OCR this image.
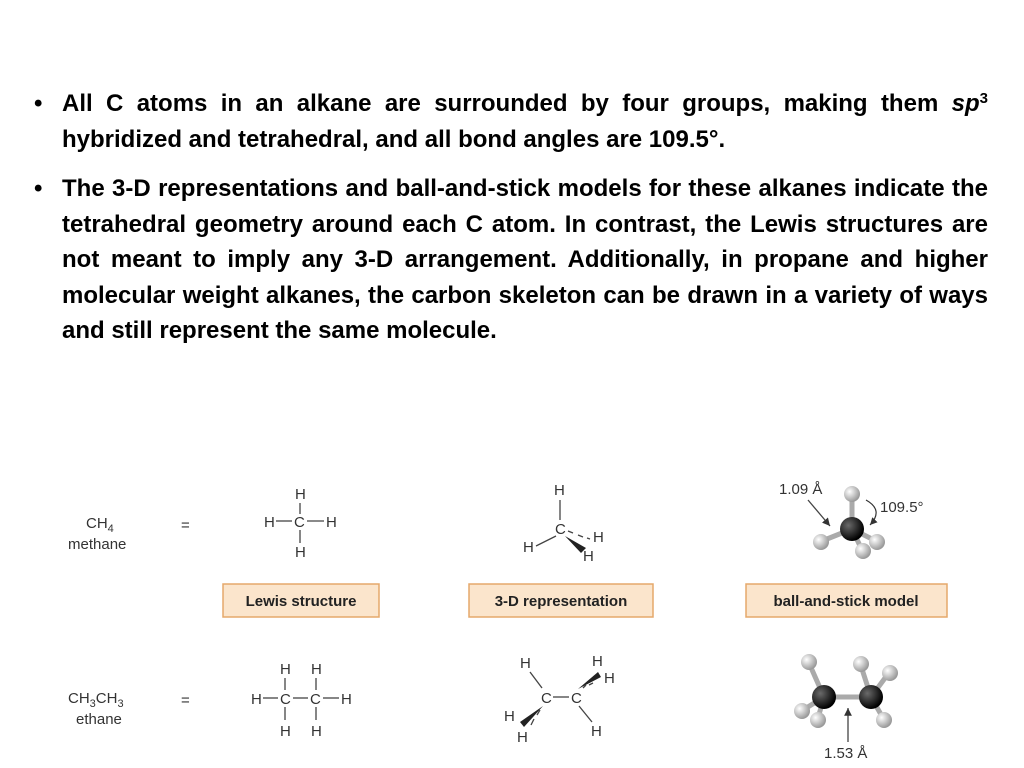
• All C atoms in an alkane are surrounded by four groups, making them $sp^3$ hybridized and tetrahedral, and all bond angles are 109.5°.
• The 3-D representations and ball-and-stick models for these alkanes indicate the tetrahedral geometry around each C atom. In contrast, the Lewis structures are not meant to imply any 3-D arrangement. Additionally, in propane and higher molecular weight alkanes, the carbon skeleton can be drawn in a variety of ways and still represent the same molecule.
$CH_4$
methane
=
H
H C H
H
H
C
H
H
H
1.09 Å
109.5°
Lewis structure	3-D representation	ball-and-stick model
$CH_3CH_3$
ethane
=
H H
H C C H
H H
H	H
H
C C
H
H	H
1.53 Å
